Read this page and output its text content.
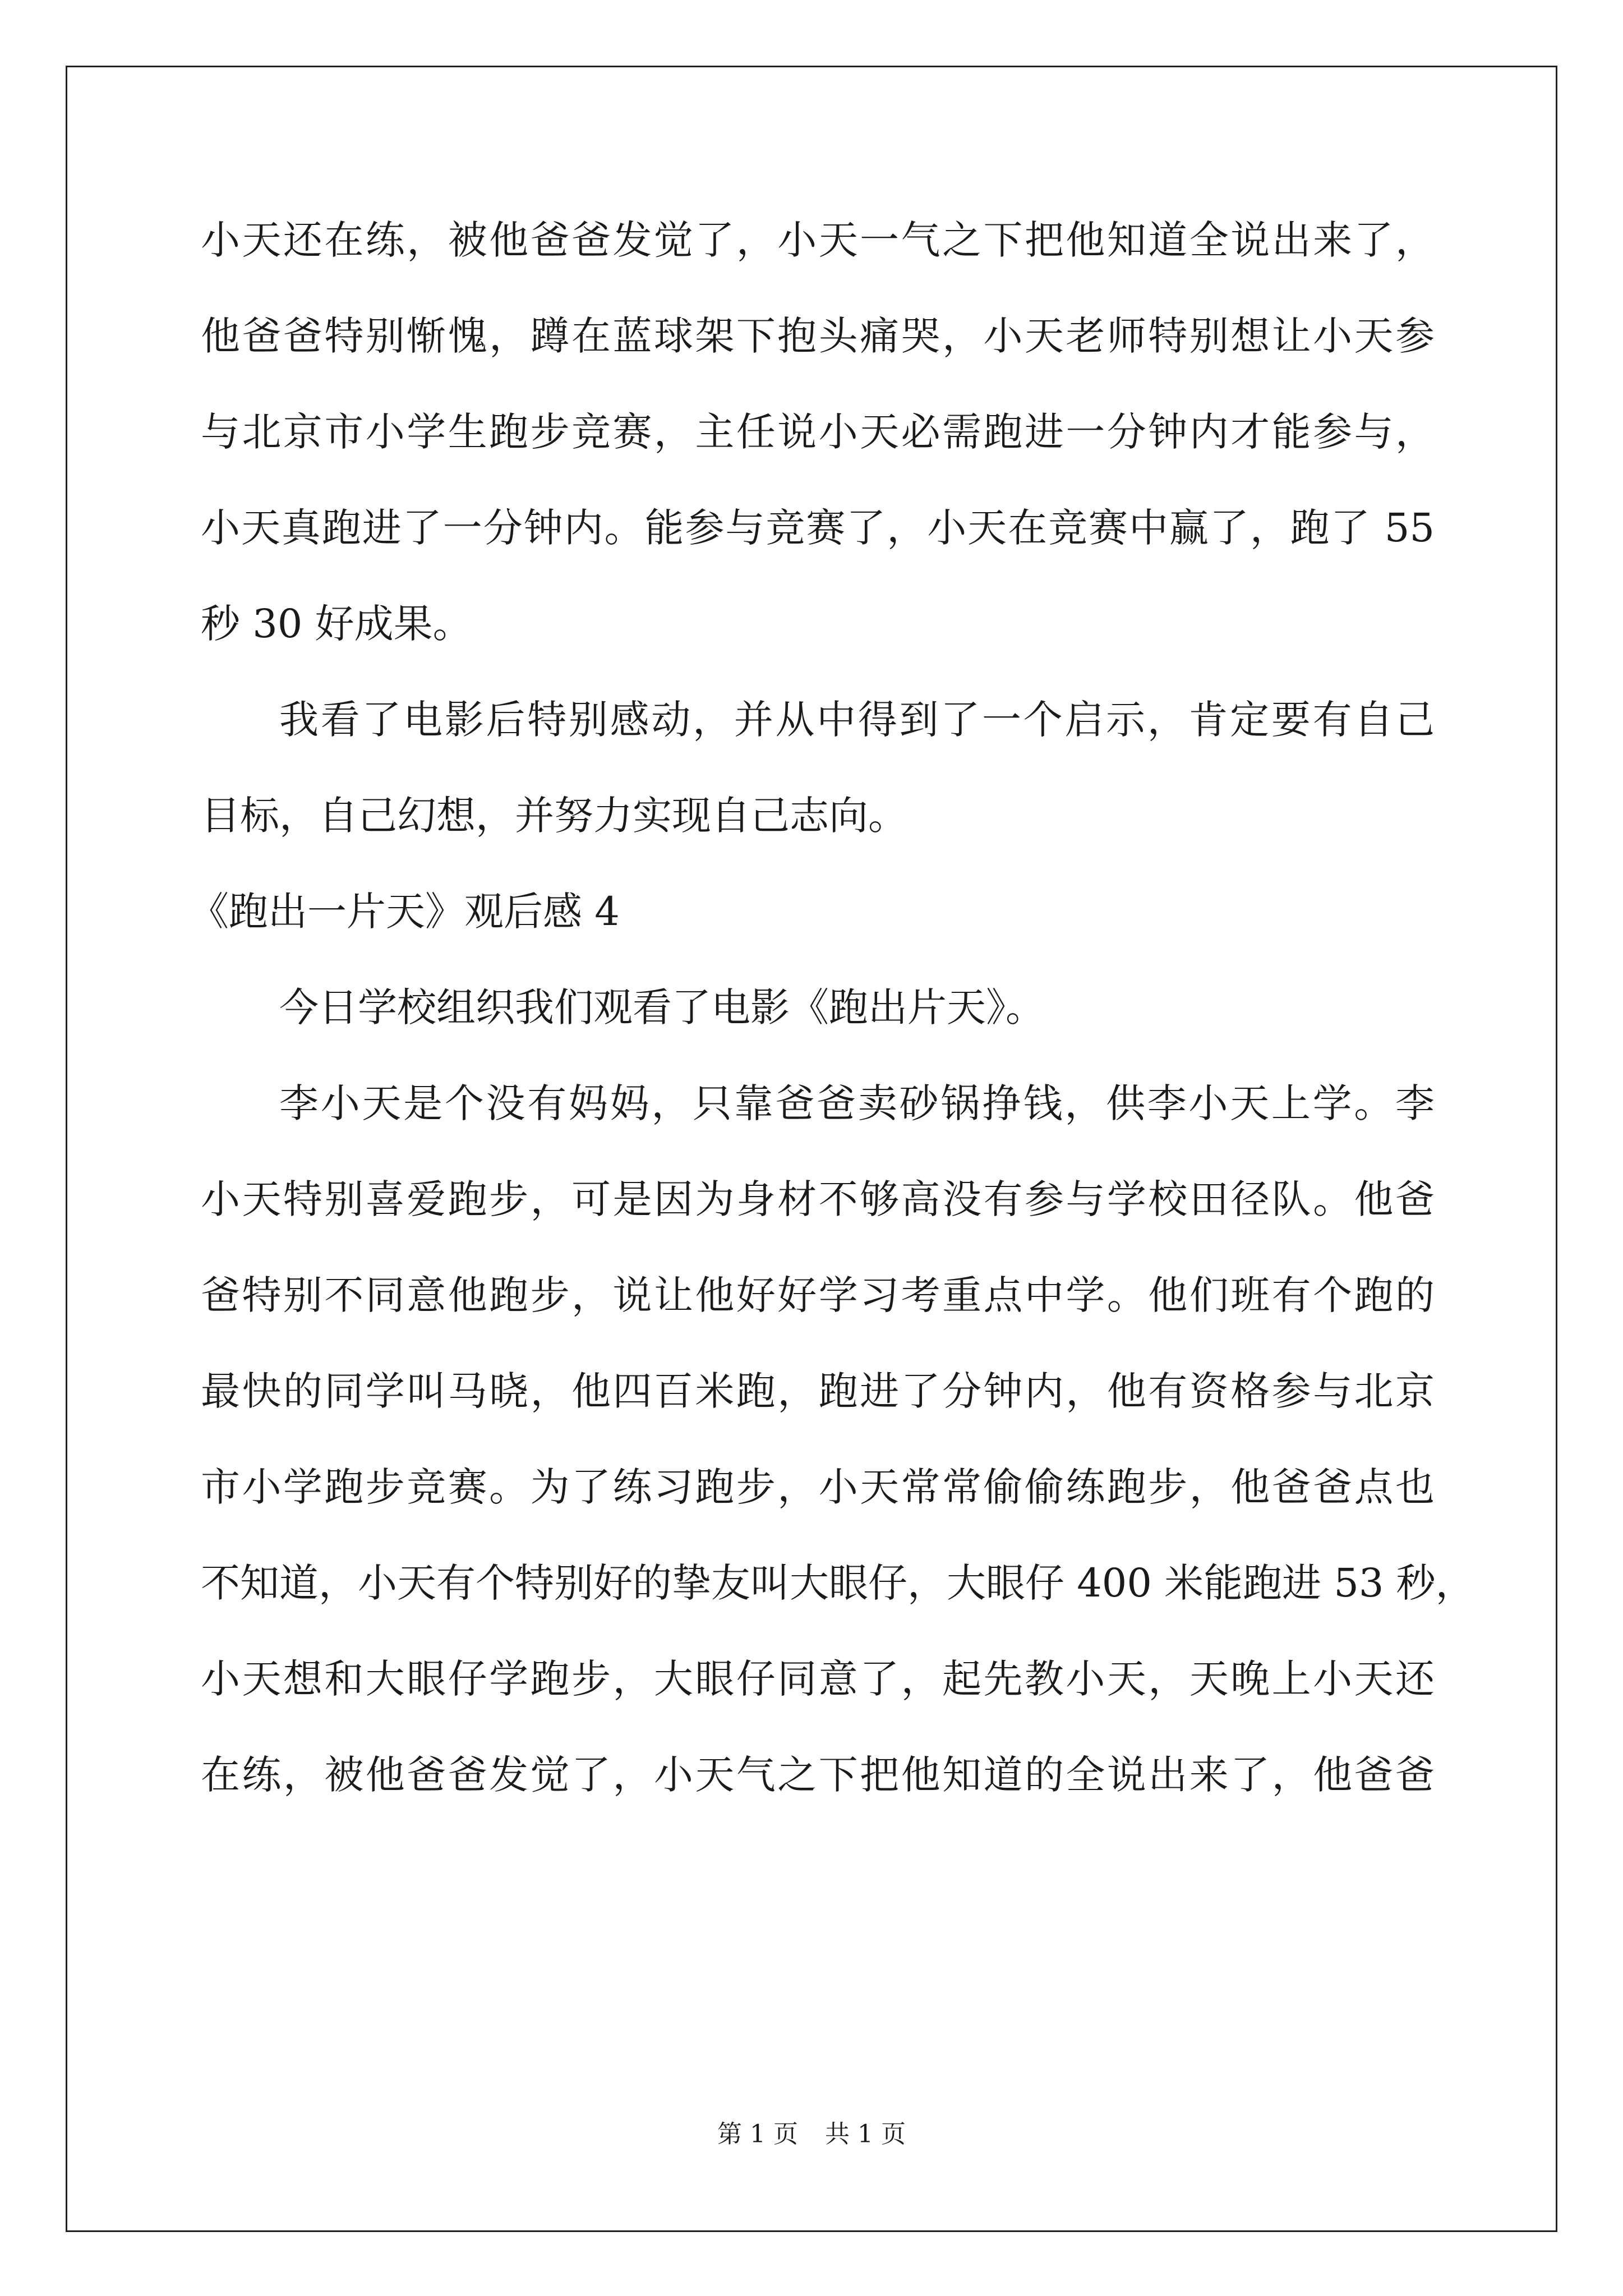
小天还在练，被他爸爸发觉了，小天一气之下把他知道全说出来了，
他爸爸特别惭愧，蹲在蓝球架下抱头痛哭，小天老师特别想让小天参
与北京市小学生跑步竞赛，主任说小天必需跑进一分钟内才能参与，
小天真跑进了一分钟内。能参与竞赛了，小天在竞赛中赢了，跑了 55
秒 30 好成果。
我看了电影后特别感动，并从中得到了一个启示，肯定要有自己
目标，自己幻想，并努力实现自己志向。
《跑出一片天》观后感 4
今日学校组织我们观看了电影《跑出片天》。
李小天是个没有妈妈，只靠爸爸卖砂锅挣钱，供李小天上学。李
小天特别喜爱跑步，可是因为身材不够高没有参与学校田径队。他爸
爸特别不同意他跑步，说让他好好学习考重点中学。他们班有个跑的
最快的同学叫马晓，他四百米跑，跑进了分钟内，他有资格参与北京
市小学跑步竞赛。为了练习跑步，小天常常偷偷练跑步，他爸爸点也
不知道，小天有个特别好的挚友叫大眼仔，大眼仔 400 米能跑进 53 秒，
小天想和大眼仔学跑步，大眼仔同意了，起先教小天，天晚上小天还
在练，被他爸爸发觉了，小天气之下把他知道的全说出来了，他爸爸
第 1 页 共 1 页
